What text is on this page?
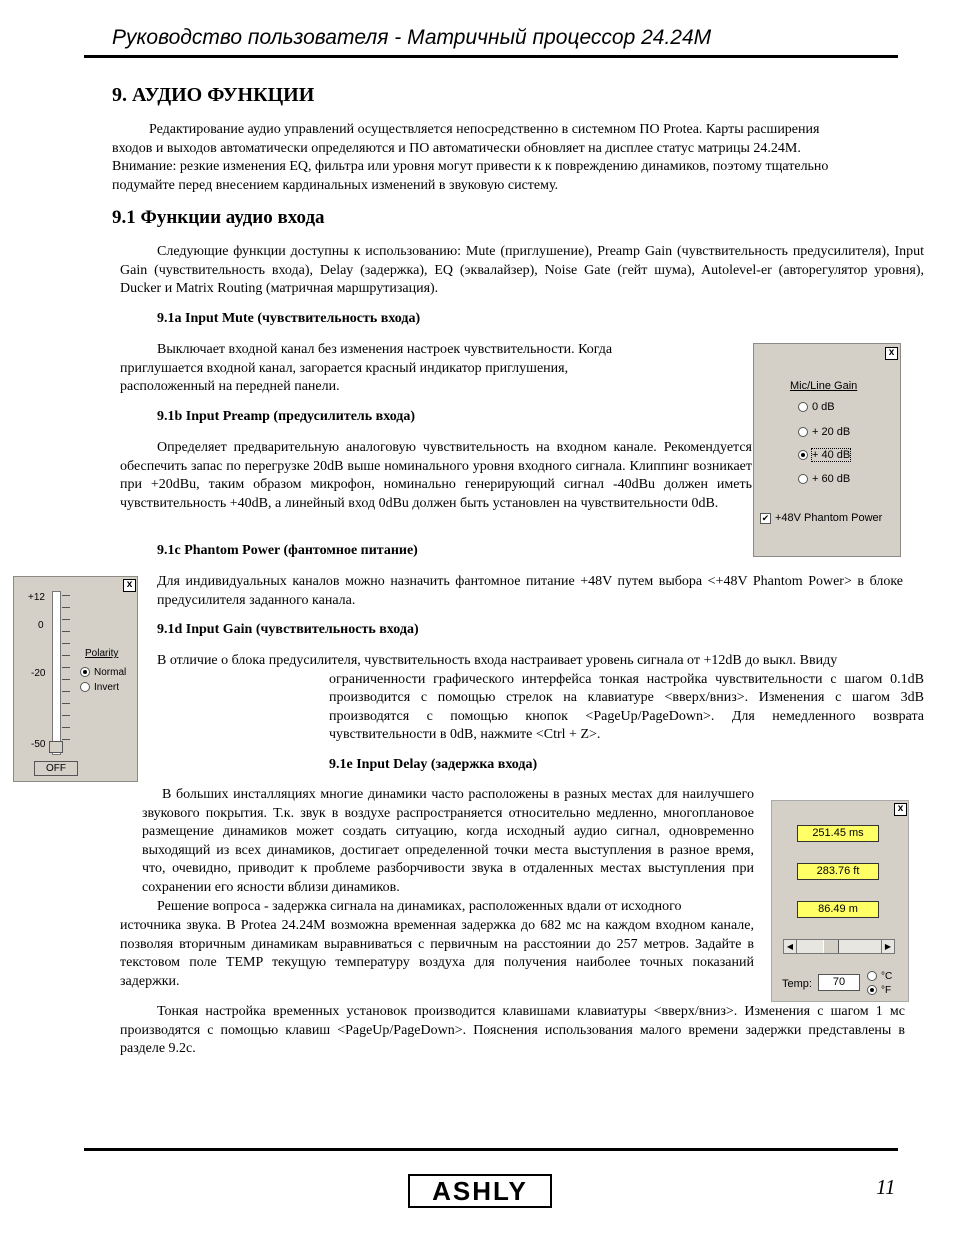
Руководство пользователя - Матричный процессор 24.24M
9. АУДИО ФУНКЦИИ
Редактирование аудио управлений осуществляется непосредственно в системном ПО Protea. Карты расширения
входов и выходов автоматически определяются и ПО автоматически обновляет на дисплее статус матрицы 24.24M.
Внимание: резкие изменения EQ, фильтра или уровня могут привести к к повреждению динамиков, поэтому тщательно
подумайте перед внесением кардинальных изменений в звуковую систему.
9.1 Функции аудио входа
Следующие функции доступны к использованию: Mute (приглушение), Preamp Gain (чувствительность предусилителя), Input Gain (чувствительность входа), Delay (задержка), EQ (эквалайзер), Noise Gate (гейт шума), Autolevel-er (авторегулятор уровня), Ducker и Matrix Routing (матричная маршрутизация).
9.1a Input Mute (чувствительность входа)
Выключает входной канал без изменения настроек чувствительности. Когда
приглушается входной канал, загорается красный индикатор приглушения,
расположенный на передней панели.
9.1b Input Preamp (предусилитель входа)
Определяет предварительную аналоговую чувствительность на входном канале. Рекомендуется обеспечить запас по перегрузке 20dB выше номинального уровня входного сигнала. Клиппинг возникает при +20dBu, таким образом микрофон, номинально генерирующий сигнал -40dBu должен иметь чувствительность +40dB, а линейный вход 0dBu должен быть установлен на чувствительности 0dB.
x
Mic/Line Gain
0 dB
+ 20 dB
+ 40 dB
+ 60 dB
✔ +48V Phantom Power
9.1c Phantom Power (фантомное питание)
Для индивидуальных каналов можно назначить фантомное питание +48V путем выбора <+48V Phantom Power> в блоке предусилителя заданного канала.
x
+12
0
-20
-50
Polarity
Normal
Invert
OFF
9.1d Input Gain (чувствительность входа)
В отличие о блока предусилителя, чувствительность входа настраивает уровень сигнала от +12dB до выкл. Ввиду
ограниченности графического интерфейса тонкая настройка чувствительности с шагом 0.1dB производится с помощью стрелок на клавиатуре <вверх/вниз>. Изменения с шагом 3dB производятся с помощью кнопок <PageUp/PageDown>. Для немедленного возврата чувствительности в 0dB, нажмите <Ctrl + Z>.
9.1e Input Delay (задержка входа)
В больших инсталляциях многие динамики часто расположены в разных местах для наилучшего звукового покрытия. Т.к. звук в воздухе распространяется относительно медленно, многоплановое размещение динамиков может создать ситуацию, когда исходный аудио сигнал, одновременно выходящий из всех динамиков, достигает определенной точки места выступления в разное время, что, очевидно, приводит к проблеме разборчивости звука в отдаленных местах выступления при сохранении его ясности вблизи динамиков.
Решение вопроса - задержка сигнала на динамиках, расположенных вдали от исходного
источника звука. В Protea 24.24M возможна временная задержка до 682 мс на каждом входном канале, позволяя вторичным динамикам выравниваться с первичным на расстоянии до 257 метров. Задайте в текстовом поле TEMP текущую температуру воздуха для получения наиболее точных показаний задержки.
Тонкая настройка временных установок производится клавишами клавиатуры <вверх/вниз>. Изменения с шагом 1 мс производятся с помощью клавиш <PageUp/PageDown>. Пояснения использования малого времени задержки представлены в разделе 9.2c.
x
251.45 ms
283.76 ft
86.49 m
◀	▶
Temp:	70	°C
°F
ASHLY	11
